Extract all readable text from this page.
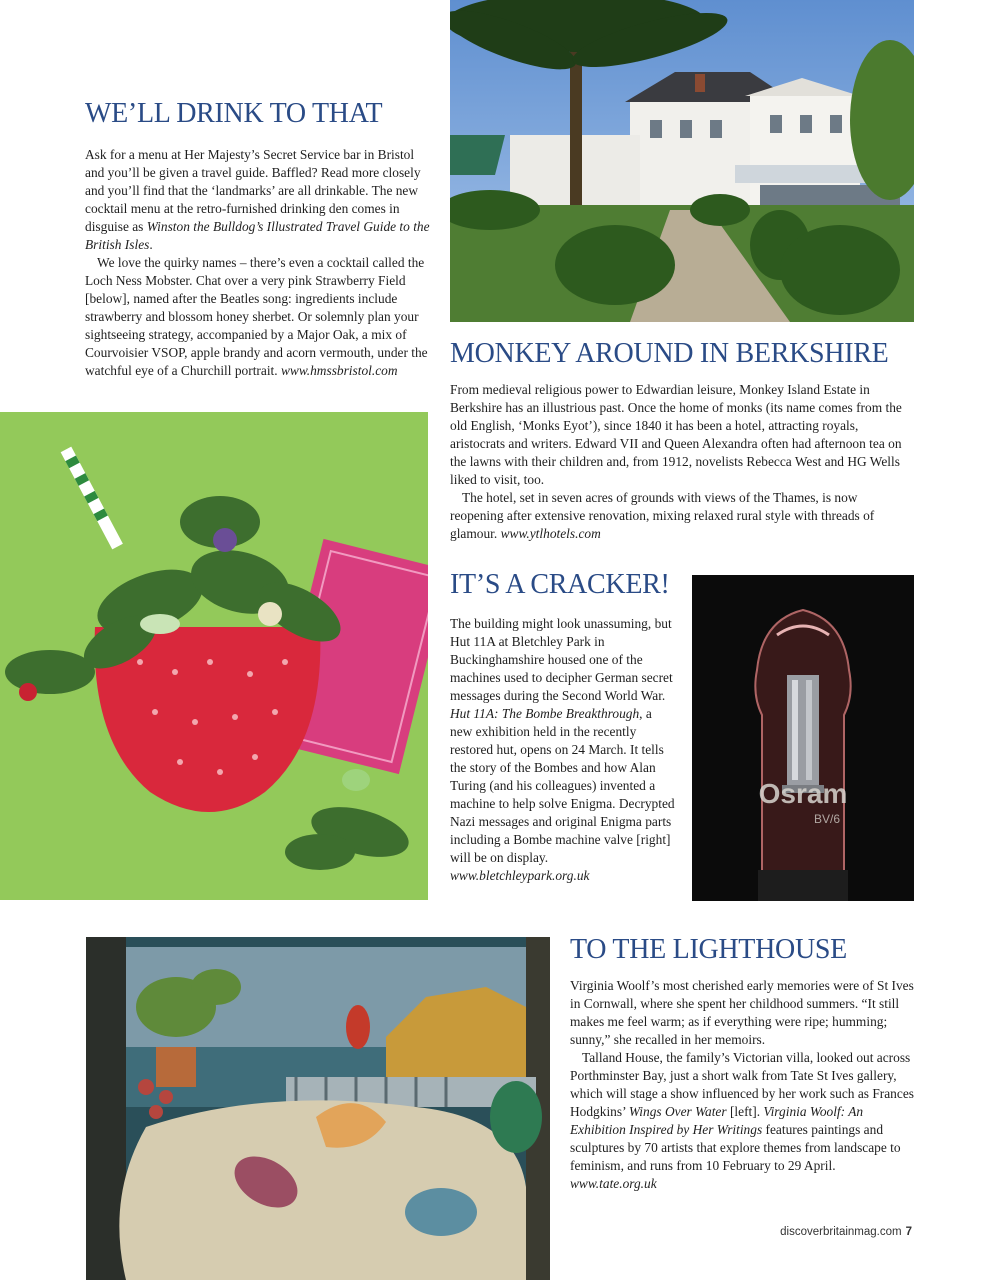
WE’LL DRINK TO THAT

Ask for a menu at Her Majesty’s Secret Service bar in Bristol and you’ll be given a travel guide. Baffled? Read more closely and you’ll find that the ‘landmarks’ are all drinkable. The new cocktail menu at the retro-furnished drinking den comes in disguise as Winston the Bulldog’s Illustrated Travel Guide to the British Isles.

We love the quirky names – there’s even a cocktail called the Loch Ness Mobster. Chat over a very pink Strawberry Field [below], named after the Beatles song: ingredients include strawberry and blossom honey sherbet. Or solemnly plan your sightseeing strategy, accompanied by a Major Oak, a mix of Courvoisier VSOP, apple brandy and acorn vermouth, under the watchful eye of a Churchill portrait. www.hmssbristol.com

MONKEY AROUND IN BERKSHIRE

From medieval religious power to Edwardian leisure, Monkey Island Estate in Berkshire has an illustrious past. Once the home of monks (its name comes from the old English, ‘Monks Eyot’), since 1840 it has been a hotel, attracting royals, aristocrats and writers. Edward VII and Queen Alexandra often had afternoon tea on the lawns with their children and, from 1912, novelists Rebecca West and HG Wells liked to visit, too.

The hotel, set in seven acres of grounds with views of the Thames, is now reopening after extensive renovation, mixing relaxed rural style with threads of glamour. www.ytlhotels.com

IT’S A CRACKER!

The building might look unassuming, but Hut 11A at Bletchley Park in Buckinghamshire housed one of the machines used to decipher German secret messages during the Second World War. Hut 11A: The Bombe Breakthrough, a new exhibition held in the recently restored hut, opens on 24 March. It tells the story of the Bombes and how Alan Turing (and his colleagues) invented a machine to help solve Enigma. Decrypted Nazi messages and original Enigma parts including a Bombe machine valve [right] will be on display. www.bletchleypark.org.uk

Osram
BV/6
TO THE LIGHTHOUSE

Virginia Woolf’s most cherished early memories were of St Ives in Cornwall, where she spent her childhood summers. “It still makes me feel warm; as if everything were ripe; humming; sunny,” she recalled in her memoirs.

Talland House, the family’s Victorian villa, looked out across Porthminster Bay, just a short walk from Tate St Ives gallery, which will stage a show influenced by her work such as Frances Hodgkins’ Wings Over Water [left]. Virginia Woolf: An Exhibition Inspired by Her Writings features paintings and sculptures by 70 artists that explore themes from landscape to feminism, and runs from 10 February to 29 April. www.tate.org.uk

discoverbritainmag.com 7
